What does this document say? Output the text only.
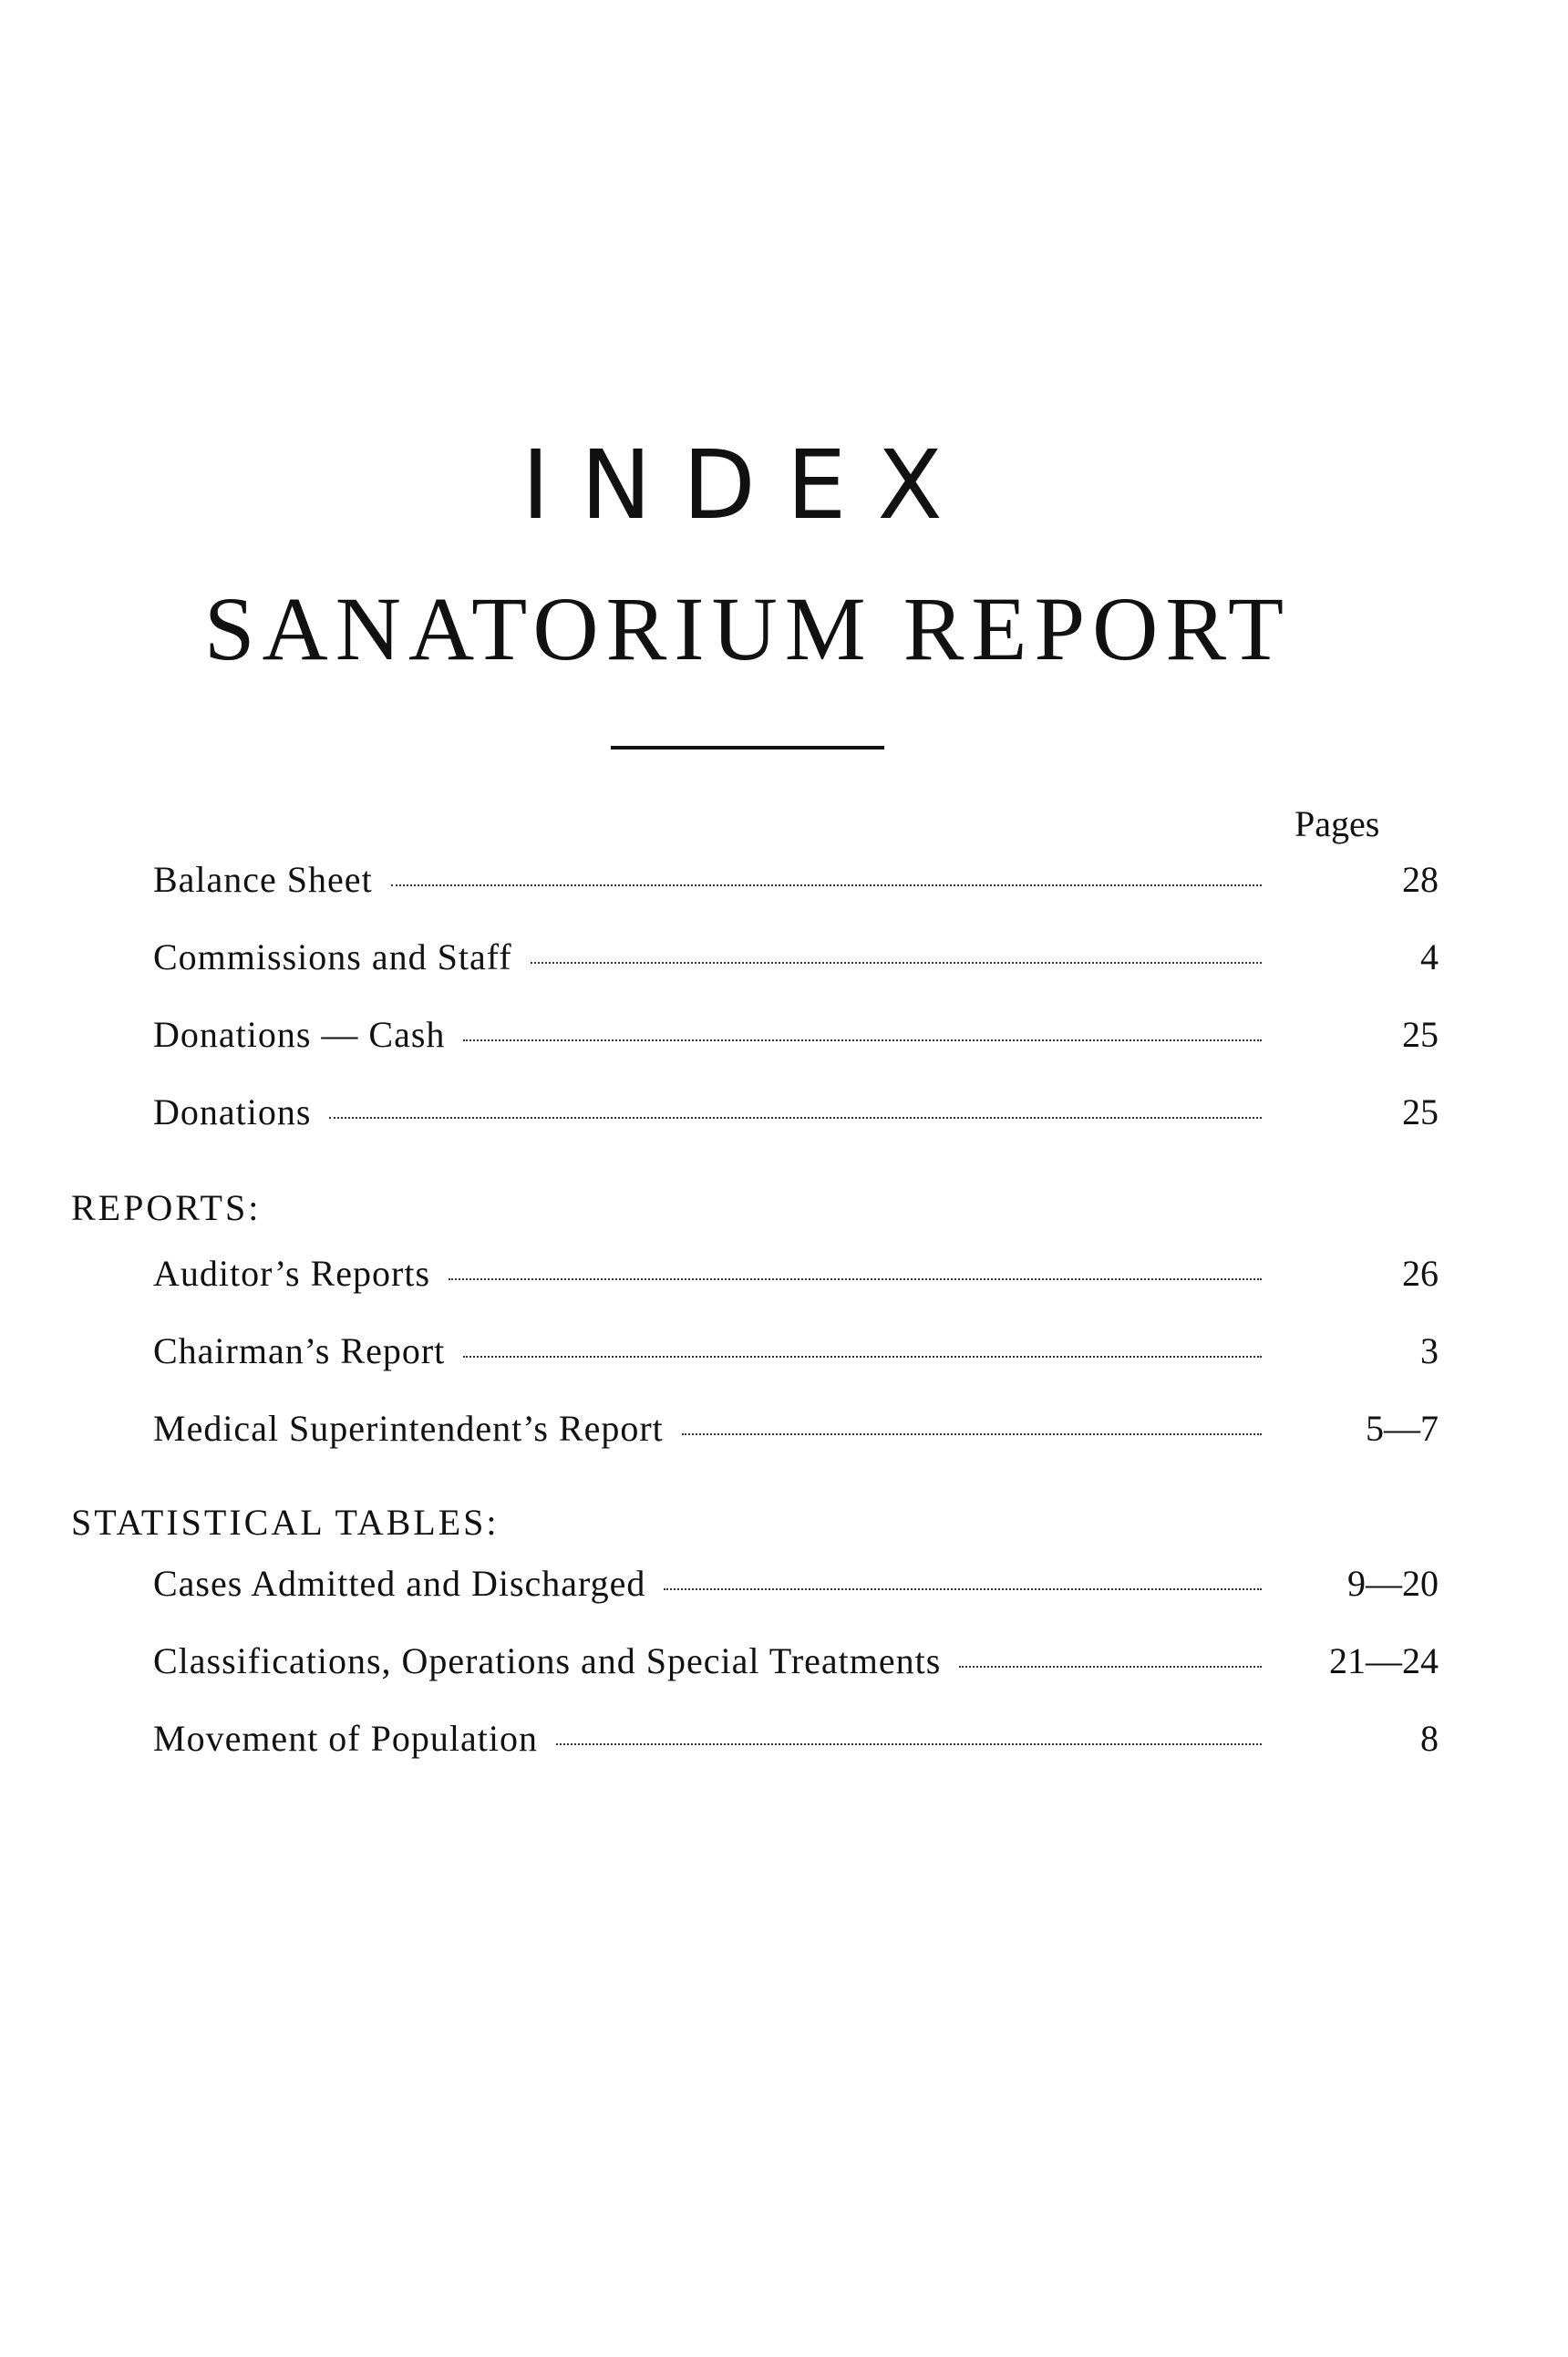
INDEX
SANATORIUM REPORT
Pages
Balance Sheet	28
Commissions and Staff	4
Donations — Cash	25
Donations	25
REPORTS:
Auditor’s Reports	26
Chairman’s Report	3
Medical Superintendent’s Report	5—7
STATISTICAL TABLES:
Cases Admitted and Discharged	9—20
Classifications, Operations and Special Treatments	21—24
Movement of Population	8
